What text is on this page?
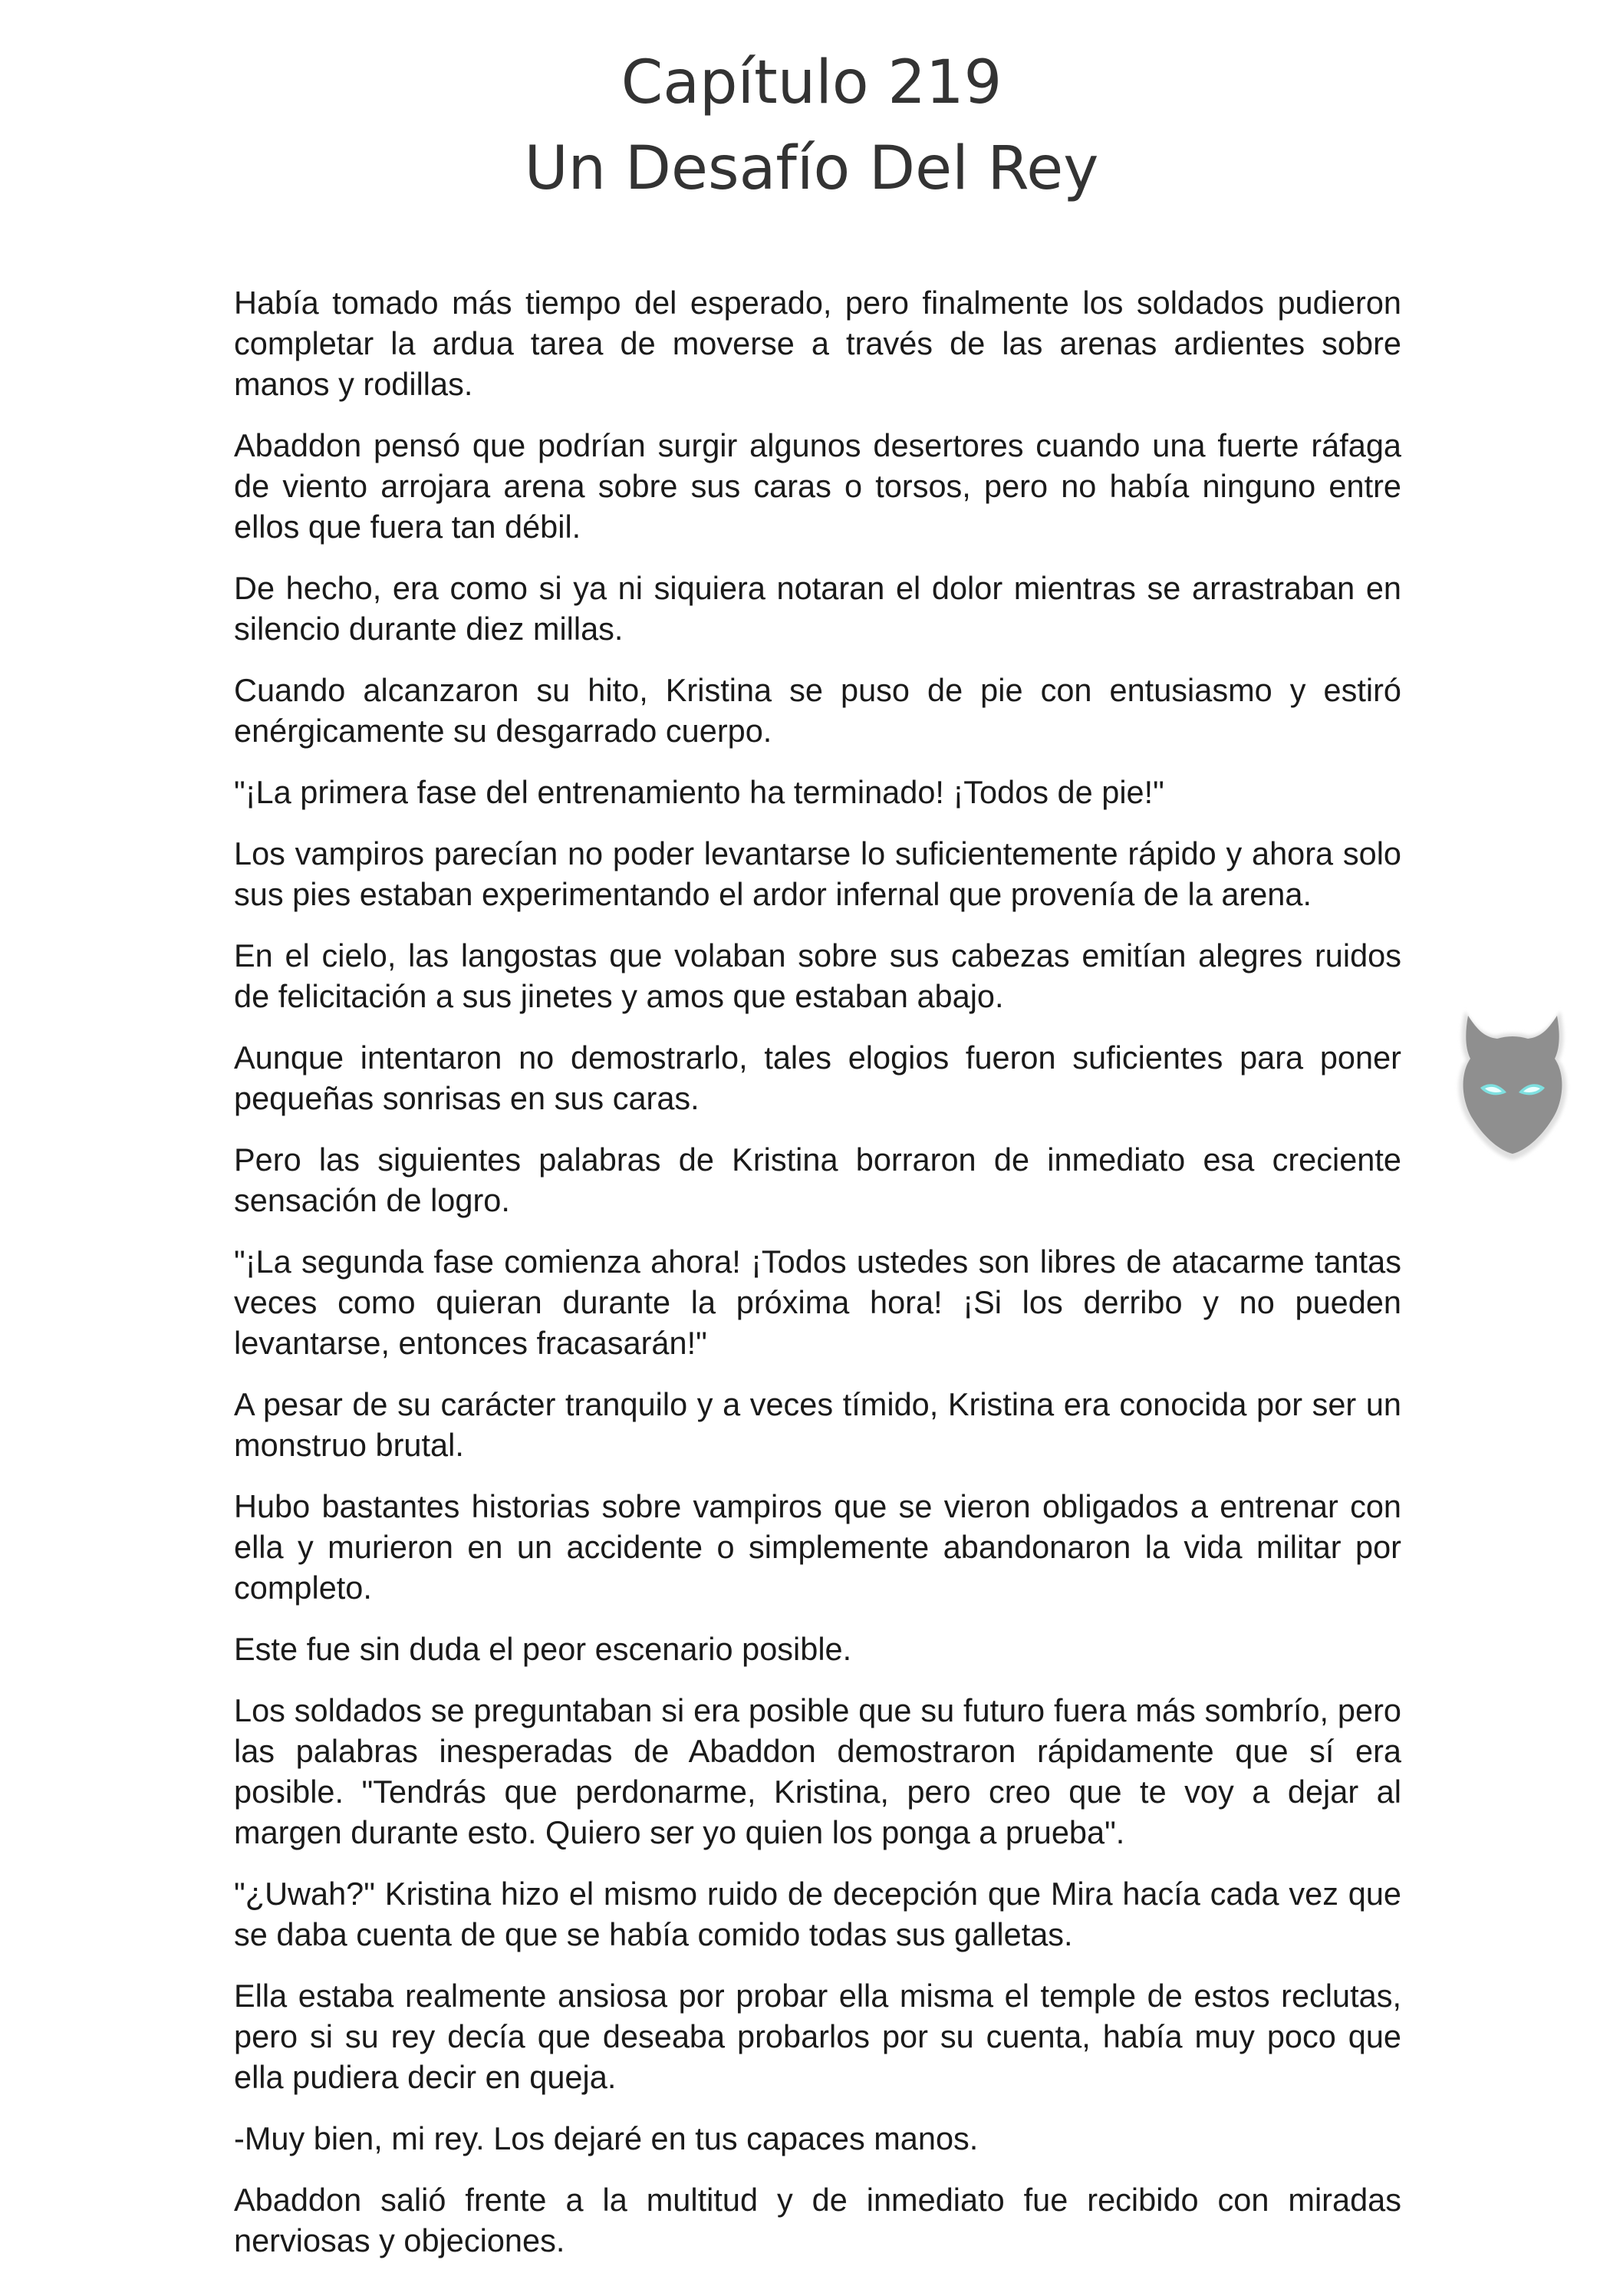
Capítulo 219
Un Desafío Del Rey

Había tomado más tiempo del esperado, pero finalmente los soldados pudieron completar la ardua tarea de moverse a través de las arenas ardientes sobre manos y rodillas.

Abaddon pensó que podrían surgir algunos desertores cuando una fuerte ráfaga de viento arrojara arena sobre sus caras o torsos, pero no había ninguno entre ellos que fuera tan débil.

De hecho, era como si ya ni siquiera notaran el dolor mientras se arrastraban en silencio durante diez millas.

Cuando alcanzaron su hito, Kristina se puso de pie con entusiasmo y estiró enérgicamente su desgarrado cuerpo.

"¡La primera fase del entrenamiento ha terminado! ¡Todos de pie!"

Los vampiros parecían no poder levantarse lo suficientemente rápido y ahora solo sus pies estaban experimentando el ardor infernal que provenía de la arena.

En el cielo, las langostas que volaban sobre sus cabezas emitían alegres ruidos de felicitación a sus jinetes y amos que estaban abajo.

Aunque intentaron no demostrarlo, tales elogios fueron suficientes para poner pequeñas sonrisas en sus caras.

Pero las siguientes palabras de Kristina borraron de inmediato esa creciente sensación de logro.

"¡La segunda fase comienza ahora! ¡Todos ustedes son libres de atacarme tantas veces como quieran durante la próxima hora! ¡Si los derribo y no pueden levantarse, entonces fracasarán!"

A pesar de su carácter tranquilo y a veces tímido, Kristina era conocida por ser un monstruo brutal.

Hubo bastantes historias sobre vampiros que se vieron obligados a entrenar con ella y murieron en un accidente o simplemente abandonaron la vida militar por completo.

Este fue sin duda el peor escenario posible.

Los soldados se preguntaban si era posible que su futuro fuera más sombrío, pero las palabras inesperadas de Abaddon demostraron rápidamente que sí era posible. "Tendrás que perdonarme, Kristina, pero creo que te voy a dejar al margen durante esto. Quiero ser yo quien los ponga a prueba".

"¿Uwah?" Kristina hizo el mismo ruido de decepción que Mira hacía cada vez que se daba cuenta de que se había comido todas sus galletas.

Ella estaba realmente ansiosa por probar ella misma el temple de estos reclutas, pero si su rey decía que deseaba probarlos por su cuenta, había muy poco que ella pudiera decir en queja.

-Muy bien, mi rey. Los dejaré en tus capaces manos.

Abaddon salió frente a la multitud y de inmediato fue recibido con miradas nerviosas y objeciones.
